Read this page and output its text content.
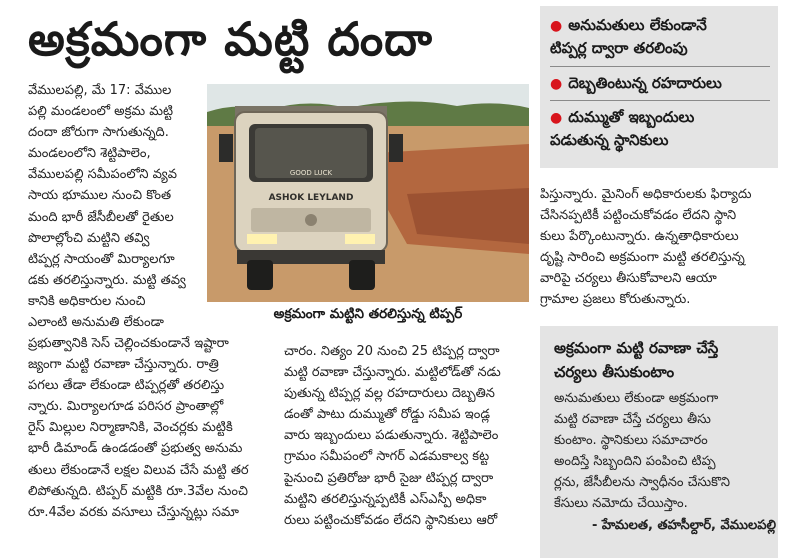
అక్రమంగా మట్టి దందా	● అనుమతులు లేకుండానే
టిప్పర్ల ద్వారా తరలింపు
● దెబ్బతింటున్న రహదారులు
● దుమ్ముతో ఇబ్బందులు
పడుతున్న స్థానికులు
వేములపల్లి, మే 17: వేముల
పల్లి మండలంలో అక్రమ మట్టి
దందా జోరుగా సాగుతున్నది.
మండలంలోని శెట్టిపాలెం,
వేములపల్లి సమీపంలోని వ్యవ
సాయ భూముల నుంచి కొంత
మంది భారీ జేసీబీలతో రైతుల
పొలాల్లోంచి మట్టిని తవ్వి
టిప్పర్ల సాయంతో మిర్యాలగూ
డకు తరలిస్తున్నారు. మట్టి తవ్వ
కానికి అధికారుల నుంచి
ఎలాంటి అనుమతి లేకుండా
ప్రభుత్వానికి సెస్ చెల్లించకుండానే ఇష్టారా
జ్యంగా మట్టి రవాణా చేస్తున్నారు. రాత్రి
పగలు తేడా లేకుండా టిప్పర్లతో తరలిస్తు
న్నారు. మిర్యాలగూడ పరిసర ప్రాంతాల్లో
రైస్ మిల్లుల నిర్మాణానికి, వెంచర్లకు మట్టికి
భారీ డిమాండ్ ఉండడంతో ప్రభుత్వ అనుమ
తులు లేకుండానే లక్షల విలువ చేసే మట్టి తర
లిపోతున్నది. టిప్పర్ మట్టికి రూ.3వేల నుంచి
రూ.4వేల వరకు వసూలు చేస్తున్నట్లు సమా
GOOD LUCK
ASHOK LEYLAND
అక్రమంగా మట్టిని తరలిస్తున్న టిప్పర్
పిస్తున్నారు. మైనింగ్ అధికారులకు ఫిర్యాదు
చేసినప్పటికీ పట్టించుకోవడం లేదని స్థాని
కులు పేర్కొంటున్నారు. ఉన్నతాధికారులు
దృష్టి సారించి అక్రమంగా మట్టి తరలిస్తున్న
వారిపై చర్యలు తీసుకోవాలని ఆయా
గ్రామాల ప్రజలు కోరుతున్నారు.
చారం. నిత్యం 20 నుంచి 25 టిప్పర్ల ద్వారా
మట్టి రవాణా చేస్తున్నారు. మట్టిలోడ్‌తో నడు
పుతున్న టిప్పర్ల వల్ల రహదారులు దెబ్బతిన
డంతో పాటు దుమ్ముతో రోడ్డు సమీప ఇండ్ల
వారు ఇబ్బందులు పడుతున్నారు. శెట్టిపాలెం
గ్రామం సమీపంలో సాగర్ ఎడమకాల్వ కట్ట
పైనుంచి ప్రతిరోజు భారీ సైజు టిప్పర్ల ద్వారా
మట్టిని తరలిస్తున్నప్పటికీ ఎస్ఎస్పీ అధికా
రులు పట్టించుకోవడం లేదని స్థానికులు ఆరో
అక్రమంగా మట్టి రవాణా చేస్తే
చర్యలు తీసుకుంటాం
అనుమతులు లేకుండా అక్రమంగా
మట్టి రవాణా చేస్తే చర్యలు తీసు
కుంటాం. స్థానికులు సమాచారం
అందిస్తే సిబ్బందిని పంపించి టిప్ప
ర్లను, జేసీబీలను స్వాధీనం చేసుకొని
కేసులు నమోదు చేయిస్తాం.
- హేమలత, తహసీల్దార్, వేములపల్లి
